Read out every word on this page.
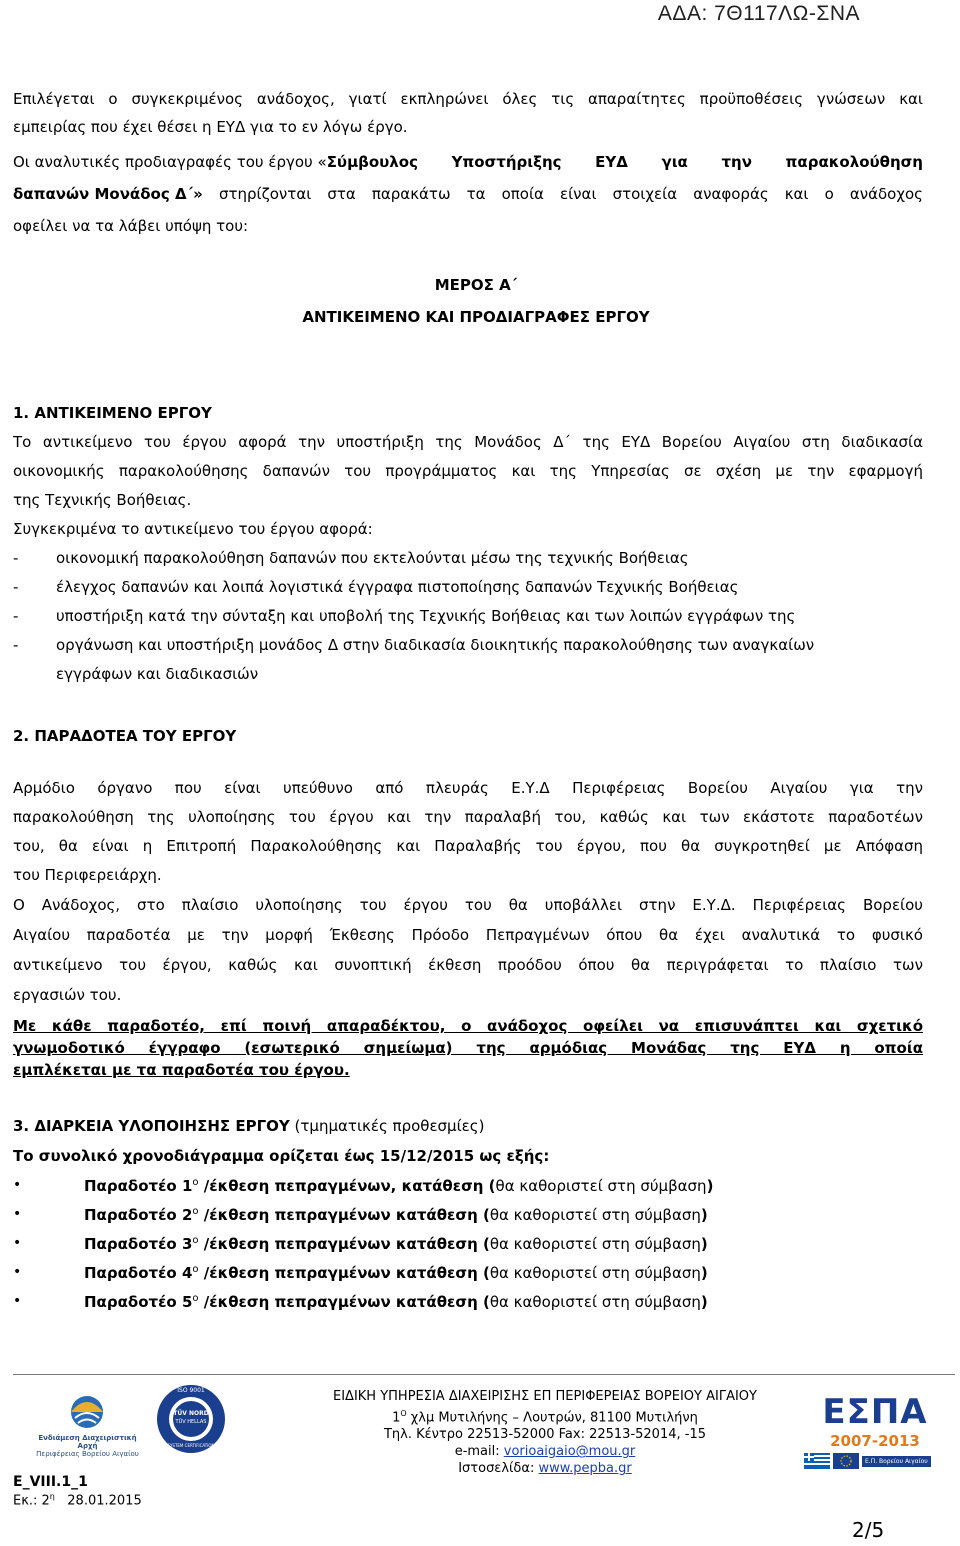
ΑΔΑ: 7Θ117ΛΩ-ΣΝΑ
Επιλέγεται ο συγκεκριμένος ανάδοχος, γιατί εκπληρώνει όλες τις απαραίτητες προϋποθέσεις γνώσεων και
εμπειρίας που έχει θέσει η ΕΥΔ για το εν λόγω έργο.
Οι αναλυτικές προδιαγραφές του έργου « Σύμβουλος Υποστήριξης ΕΥΔ για την παρακολούθηση
δαπανών Μονάδος Δ΄» στηρίζονται στα παρακάτω τα οποία είναι στοιχεία αναφοράς και ο ανάδοχος
οφείλει να τα λάβει υπόψη του:
ΜΕΡΟΣ Α΄
ΑΝΤΙΚΕΙΜΕΝΟ ΚΑΙ ΠΡΟΔΙΑΓΡΑΦΕΣ ΕΡΓΟΥ
1. ΑΝΤΙΚΕΙΜΕΝΟ ΕΡΓΟΥ
Το αντικείμενο του έργου αφορά την υποστήριξη της Μονάδος Δ΄ της ΕΥΔ Βορείου Αιγαίου στη διαδικασία
οικονομικής παρακολούθησης δαπανών του προγράμματος και της Υπηρεσίας σε σχέση με την εφαρμογή
της Τεχνικής Βοήθειας.
Συγκεκριμένα το αντικείμενο του έργου αφορά:
-	οικονομική παρακολούθηση δαπανών που εκτελούνται μέσω της τεχνικής Βοήθειας
-	έλεγχος δαπανών και λοιπά λογιστικά έγγραφα πιστοποίησης δαπανών Τεχνικής Βοήθειας
-	υποστήριξη κατά την σύνταξη και υποβολή της Τεχνικής Βοήθειας και των λοιπών εγγράφων της
-	οργάνωση και υποστήριξη μονάδος Δ στην διαδικασία διοικητικής παρακολούθησης των αναγκαίων
εγγράφων και διαδικασιών
2. ΠΑΡΑΔΟΤΕΑ ΤΟΥ ΕΡΓΟΥ
Αρμόδιο όργανο που είναι υπεύθυνο από πλευράς Ε.Υ.Δ Περιφέρειας Βορείου Αιγαίου για την
παρακολούθηση της υλοποίησης του έργου και την παραλαβή του, καθώς και των εκάστοτε παραδοτέων
του, θα είναι η Επιτροπή Παρακολούθησης και Παραλαβής του έργου, που θα συγκροτηθεί με Απόφαση
του Περιφερειάρχη.
Ο Ανάδοχος, στο πλαίσιο υλοποίησης του έργου του θα υποβάλλει στην Ε.Υ.Δ. Περιφέρειας Βορείου
Αιγαίου παραδοτέα με την μορφή Έκθεσης Πρόοδο Πεπραγμένων όπου θα έχει αναλυτικά το φυσικό
αντικείμενο του έργου, καθώς και συνοπτική έκθεση προόδου όπου θα περιγράφεται το πλαίσιο των
εργασιών του.
Με κάθε παραδοτέο, επί ποινή απαραδέκτου, ο ανάδοχος οφείλει να επισυνάπτει και σχετικό
γνωμοδοτικό έγγραφο (εσωτερικό σημείωμα) της αρμόδιας Μονάδας της ΕΥΔ η οποία
εμπλέκεται με τα παραδοτέα του έργου.
3. ΔΙΑΡΚΕΙΑ ΥΛΟΠΟΙΗΣΗΣ ΕΡΓΟΥ (τμηματικές προθεσμίες)
Το συνολικό χρονοδιάγραμμα ορίζεται έως 15/12/2015 ως εξής:
•	Παραδοτέο $1^o$ /έκθεση πεπραγμένων, κατάθεση (θα καθοριστεί στη σύμβαση)
•	Παραδοτέο $2^o$ /έκθεση πεπραγμένων κατάθεση (θα καθοριστεί στη σύμβαση)
•	Παραδοτέο $3^o$ /έκθεση πεπραγμένων κατάθεση (θα καθοριστεί στη σύμβαση)
•	Παραδοτέο $4^o$ /έκθεση πεπραγμένων κατάθεση (θα καθοριστεί στη σύμβαση)
•	Παραδοτέο $5^o$ /έκθεση πεπραγμένων κατάθεση (θα καθοριστεί στη σύμβαση)
Ενδιάμεση Διαχειριστική Αρχή
Περιφέρειας Βορείου Αιγαίου
TÜV NORD
TÜV HELLAS
ISO 9001
SYSTEM CERTIFICATION
ΕΙΔΙΚΗ ΥΠΗΡΕΣΙΑ ΔΙΑΧΕΙΡΙΣΗΣ ΕΠ ΠΕΡΙΦΕΡΕΙΑΣ ΒΟΡΕΙΟΥ ΑΙΓΑΙΟΥ
$1^O$ χλμ Μυτιλήνης – Λουτρών, 81100 Μυτιλήνη
Τηλ. Κέντρο 22513-52000 Fax: 22513-52014, -15
e-mail: vorioaigaio@mou.gr
Ιστοσελίδα: www.pepba.gr
ΕΣΠΑ
2007-2013
Ε.Π. Βορείου Αιγαίου
Ε_VIII.1_1
Εκ.: $2^\eta$ 28.01.2015
2/5
